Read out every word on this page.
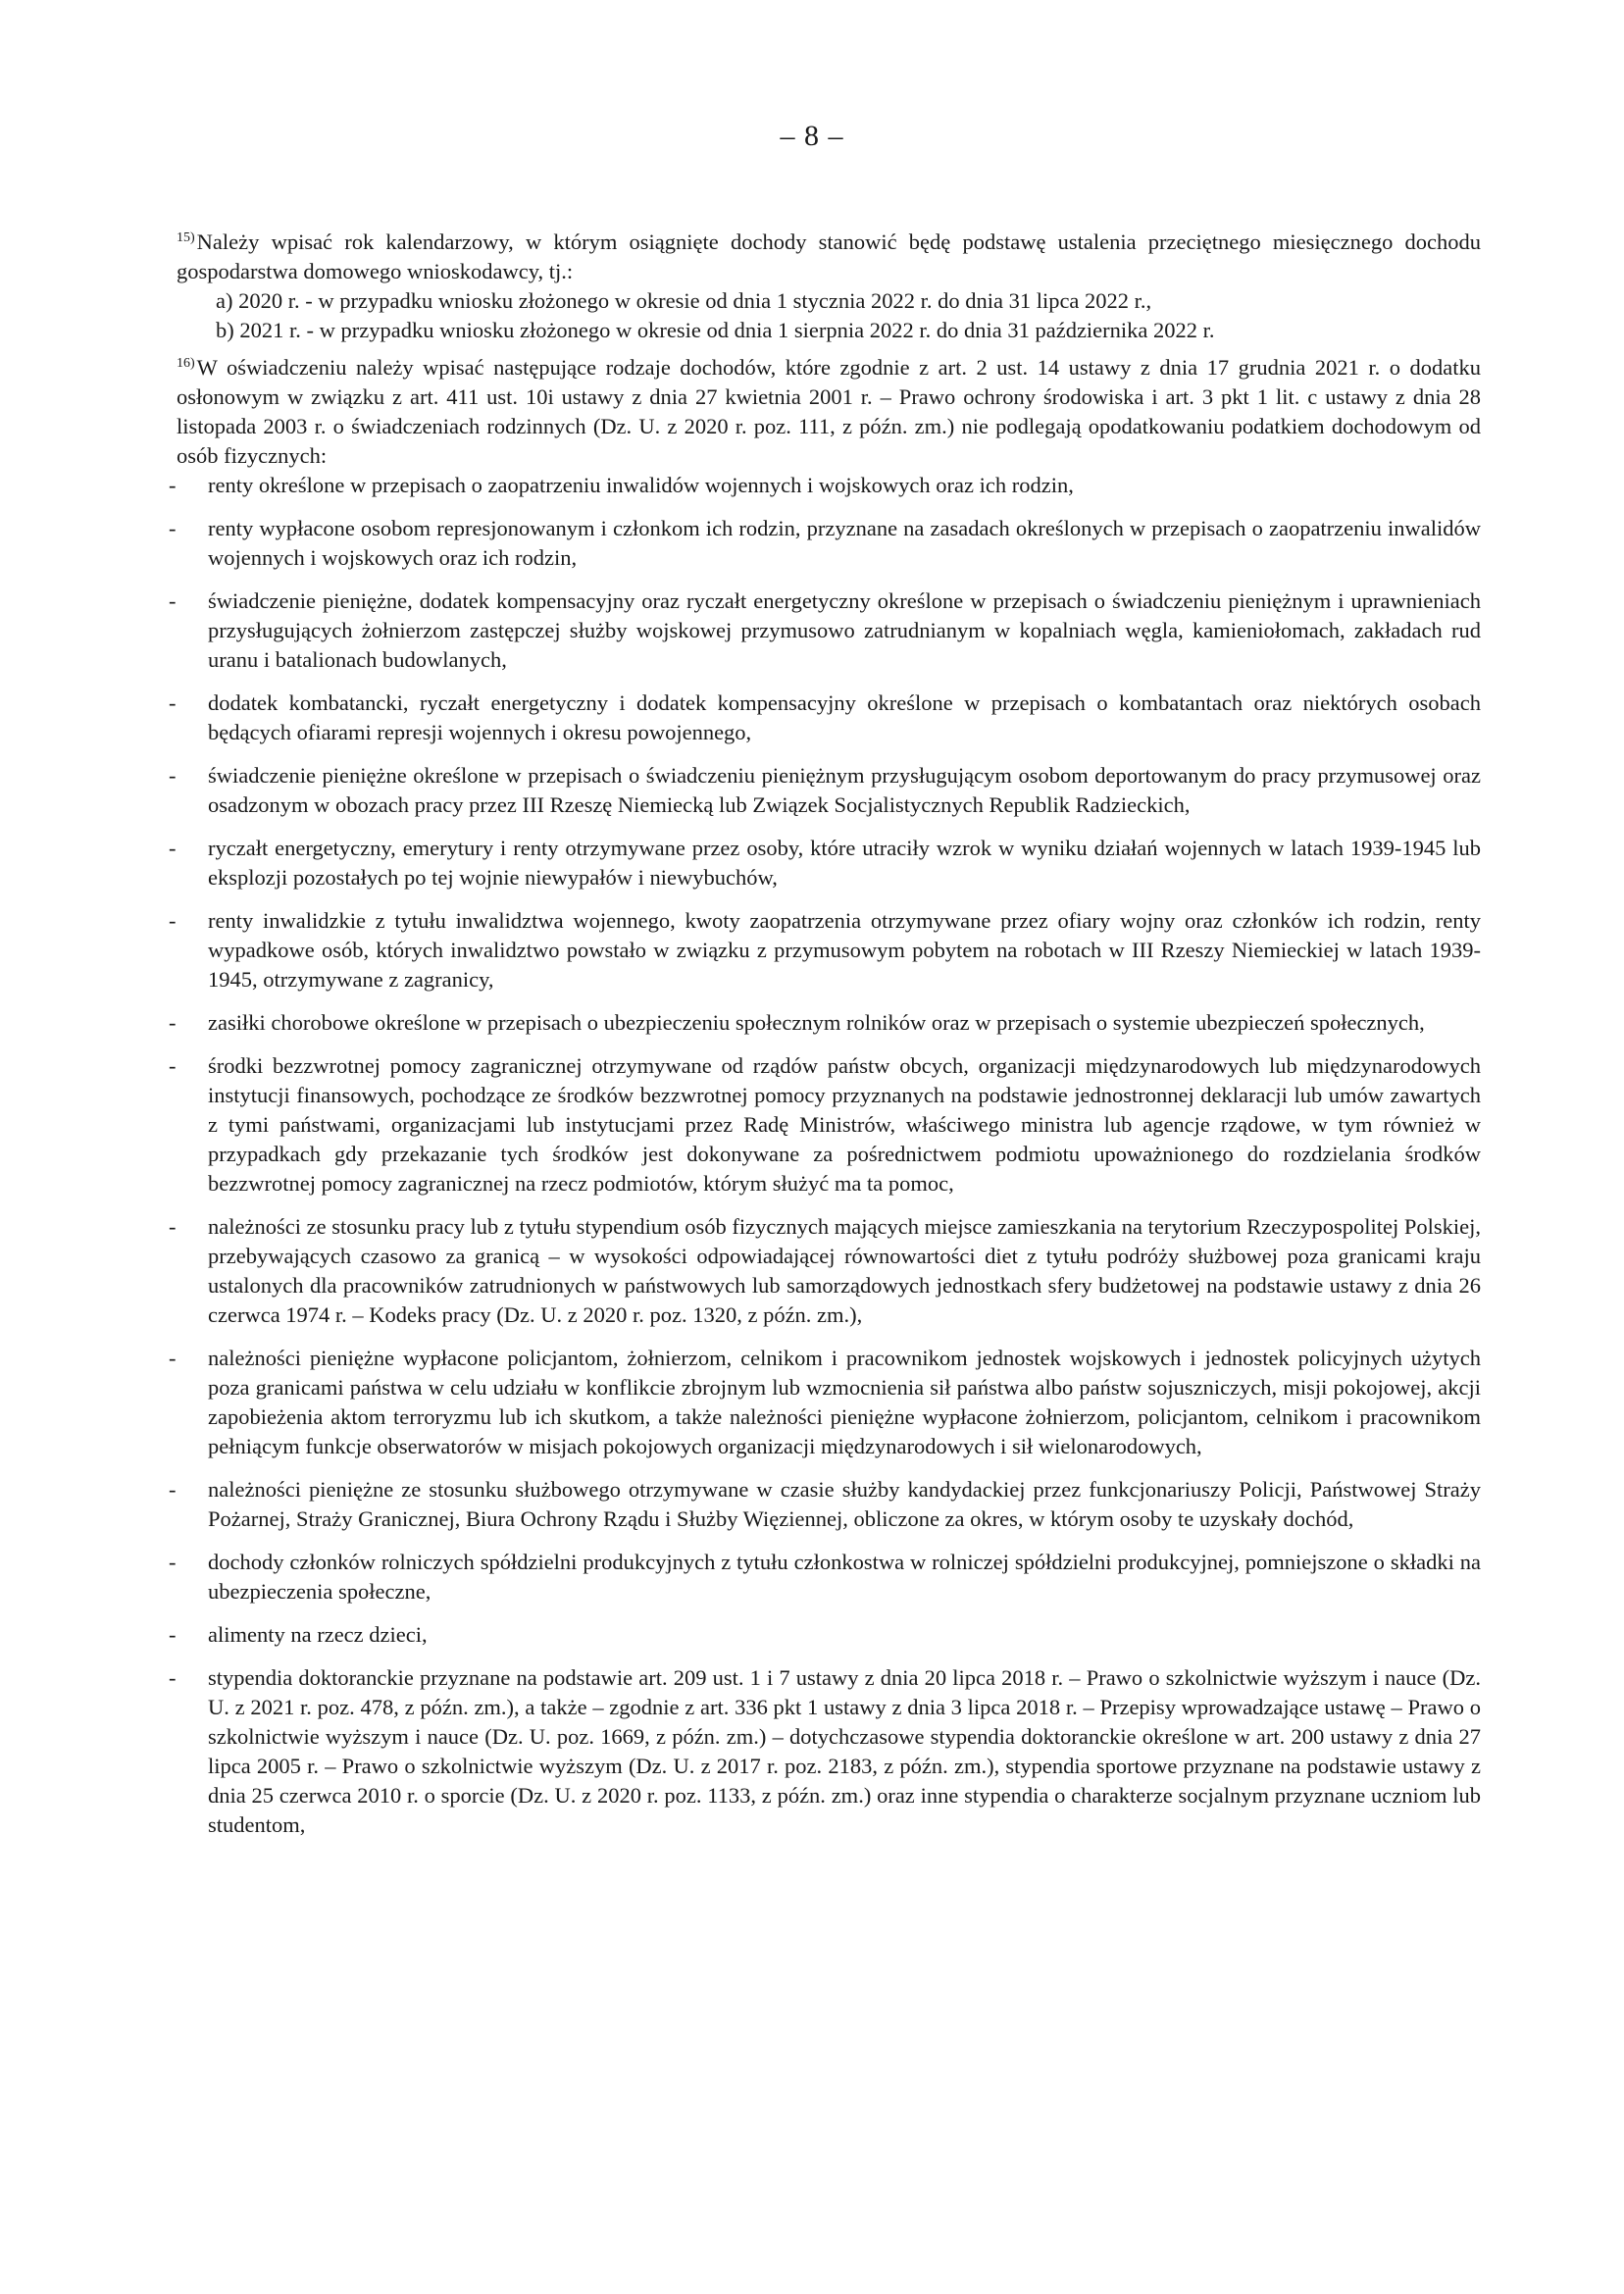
– 8 –

$^{15)}$Należy wpisać rok kalendarzowy, w którym osiągnięte dochody stanowić będę podstawę ustalenia przeciętnego miesięcznego dochodu gospodarstwa domowego wnioskodawcy, tj.:

a) 2020 r. - w przypadku wniosku złożonego w okresie od dnia 1 stycznia 2022 r. do dnia 31 lipca 2022 r.,

b) 2021 r. - w przypadku wniosku złożonego w okresie od dnia 1 sierpnia 2022 r. do dnia 31 października 2022 r.

$^{16)}$W oświadczeniu należy wpisać następujące rodzaje dochodów, które zgodnie z art. 2 ust. 14 ustawy z dnia 17 grudnia 2021 r. o dodatku osłonowym w związku z art. 411 ust. 10i ustawy z dnia 27 kwietnia 2001 r. – Prawo ochrony środowiska i art. 3 pkt 1 lit. c ustawy z dnia 28 listopada 2003 r. o świadczeniach rodzinnych (Dz. U. z 2020 r. poz. 111, z późn. zm.) nie podlegają opodatkowaniu podatkiem dochodowym od osób fizycznych:

- renty określone w przepisach o zaopatrzeniu inwalidów wojennych i wojskowych oraz ich rodzin,
- renty wypłacone osobom represjonowanym i członkom ich rodzin, przyznane na zasadach określonych w przepisach o zaopatrzeniu inwalidów wojennych i wojskowych oraz ich rodzin,
- świadczenie pieniężne, dodatek kompensacyjny oraz ryczałt energetyczny określone w przepisach o świadczeniu pieniężnym i uprawnieniach przysługujących żołnierzom zastępczej służby wojskowej przymusowo zatrudnianym w kopalniach węgla, kamieniołomach, zakładach rud uranu i batalionach budowlanych,
- dodatek kombatancki, ryczałt energetyczny i dodatek kompensacyjny określone w przepisach o kombatantach oraz niektórych osobach będących ofiarami represji wojennych i okresu powojennego,
- świadczenie pieniężne określone w przepisach o świadczeniu pieniężnym przysługującym osobom deportowanym do pracy przymusowej oraz osadzonym w obozach pracy przez III Rzeszę Niemiecką lub Związek Socjalistycznych Republik Radzieckich,
- ryczałt energetyczny, emerytury i renty otrzymywane przez osoby, które utraciły wzrok w wyniku działań wojennych w latach 1939-1945 lub eksplozji pozostałych po tej wojnie niewypałów i niewybuchów,
- renty inwalidzkie z tytułu inwalidztwa wojennego, kwoty zaopatrzenia otrzymywane przez ofiary wojny oraz członków ich rodzin, renty wypadkowe osób, których inwalidztwo powstało w związku z przymusowym pobytem na robotach w III Rzeszy Niemieckiej w latach 1939-1945, otrzymywane z zagranicy,
- zasiłki chorobowe określone w przepisach o ubezpieczeniu społecznym rolników oraz w przepisach o systemie ubezpieczeń społecznych,
- środki bezzwrotnej pomocy zagranicznej otrzymywane od rządów państw obcych, organizacji międzynarodowych lub międzynarodowych instytucji finansowych, pochodzące ze środków bezzwrotnej pomocy przyznanych na podstawie jednostronnej deklaracji lub umów zawartych z tymi państwami, organizacjami lub instytucjami przez Radę Ministrów, właściwego ministra lub agencje rządowe, w tym również w przypadkach gdy przekazanie tych środków jest dokonywane za pośrednictwem podmiotu upoważnionego do rozdzielania środków bezzwrotnej pomocy zagranicznej na rzecz podmiotów, którym służyć ma ta pomoc,
- należności ze stosunku pracy lub z tytułu stypendium osób fizycznych mających miejsce zamieszkania na terytorium Rzeczypospolitej Polskiej, przebywających czasowo za granicą – w wysokości odpowiadającej równowartości diet z tytułu podróży służbowej poza granicami kraju ustalonych dla pracowników zatrudnionych w państwowych lub samorządowych jednostkach sfery budżetowej na podstawie ustawy z dnia 26 czerwca 1974 r. – Kodeks pracy (Dz. U. z 2020 r. poz. 1320, z późn. zm.),
- należności pieniężne wypłacone policjantom, żołnierzom, celnikom i pracownikom jednostek wojskowych i jednostek policyjnych użytych poza granicami państwa w celu udziału w konflikcie zbrojnym lub wzmocnienia sił państwa albo państw sojuszniczych, misji pokojowej, akcji zapobieżenia aktom terroryzmu lub ich skutkom, a także należności pieniężne wypłacone żołnierzom, policjantom, celnikom i pracownikom pełniącym funkcje obserwatorów w misjach pokojowych organizacji międzynarodowych i sił wielonarodowych,
- należności pieniężne ze stosunku służbowego otrzymywane w czasie służby kandydackiej przez funkcjonariuszy Policji, Państwowej Straży Pożarnej, Straży Granicznej, Biura Ochrony Rządu i Służby Więziennej, obliczone za okres, w którym osoby te uzyskały dochód,
- dochody członków rolniczych spółdzielni produkcyjnych z tytułu członkostwa w rolniczej spółdzielni produkcyjnej, pomniejszone o składki na ubezpieczenia społeczne,
- alimenty na rzecz dzieci,
- stypendia doktoranckie przyznane na podstawie art. 209 ust. 1 i 7 ustawy z dnia 20 lipca 2018 r. – Prawo o szkolnictwie wyższym i nauce (Dz. U. z 2021 r. poz. 478, z późn. zm.), a także – zgodnie z art. 336 pkt 1 ustawy z dnia 3 lipca 2018 r. – Przepisy wprowadzające ustawę – Prawo o szkolnictwie wyższym i nauce (Dz. U. poz. 1669, z późn. zm.) – dotychczasowe stypendia doktoranckie określone w art. 200 ustawy z dnia 27 lipca 2005 r. – Prawo o szkolnictwie wyższym (Dz. U. z 2017 r. poz. 2183, z późn. zm.), stypendia sportowe przyznane na podstawie ustawy z dnia 25 czerwca 2010 r. o sporcie (Dz. U. z 2020 r. poz. 1133, z późn. zm.) oraz inne stypendia o charakterze socjalnym przyznane uczniom lub studentom,
